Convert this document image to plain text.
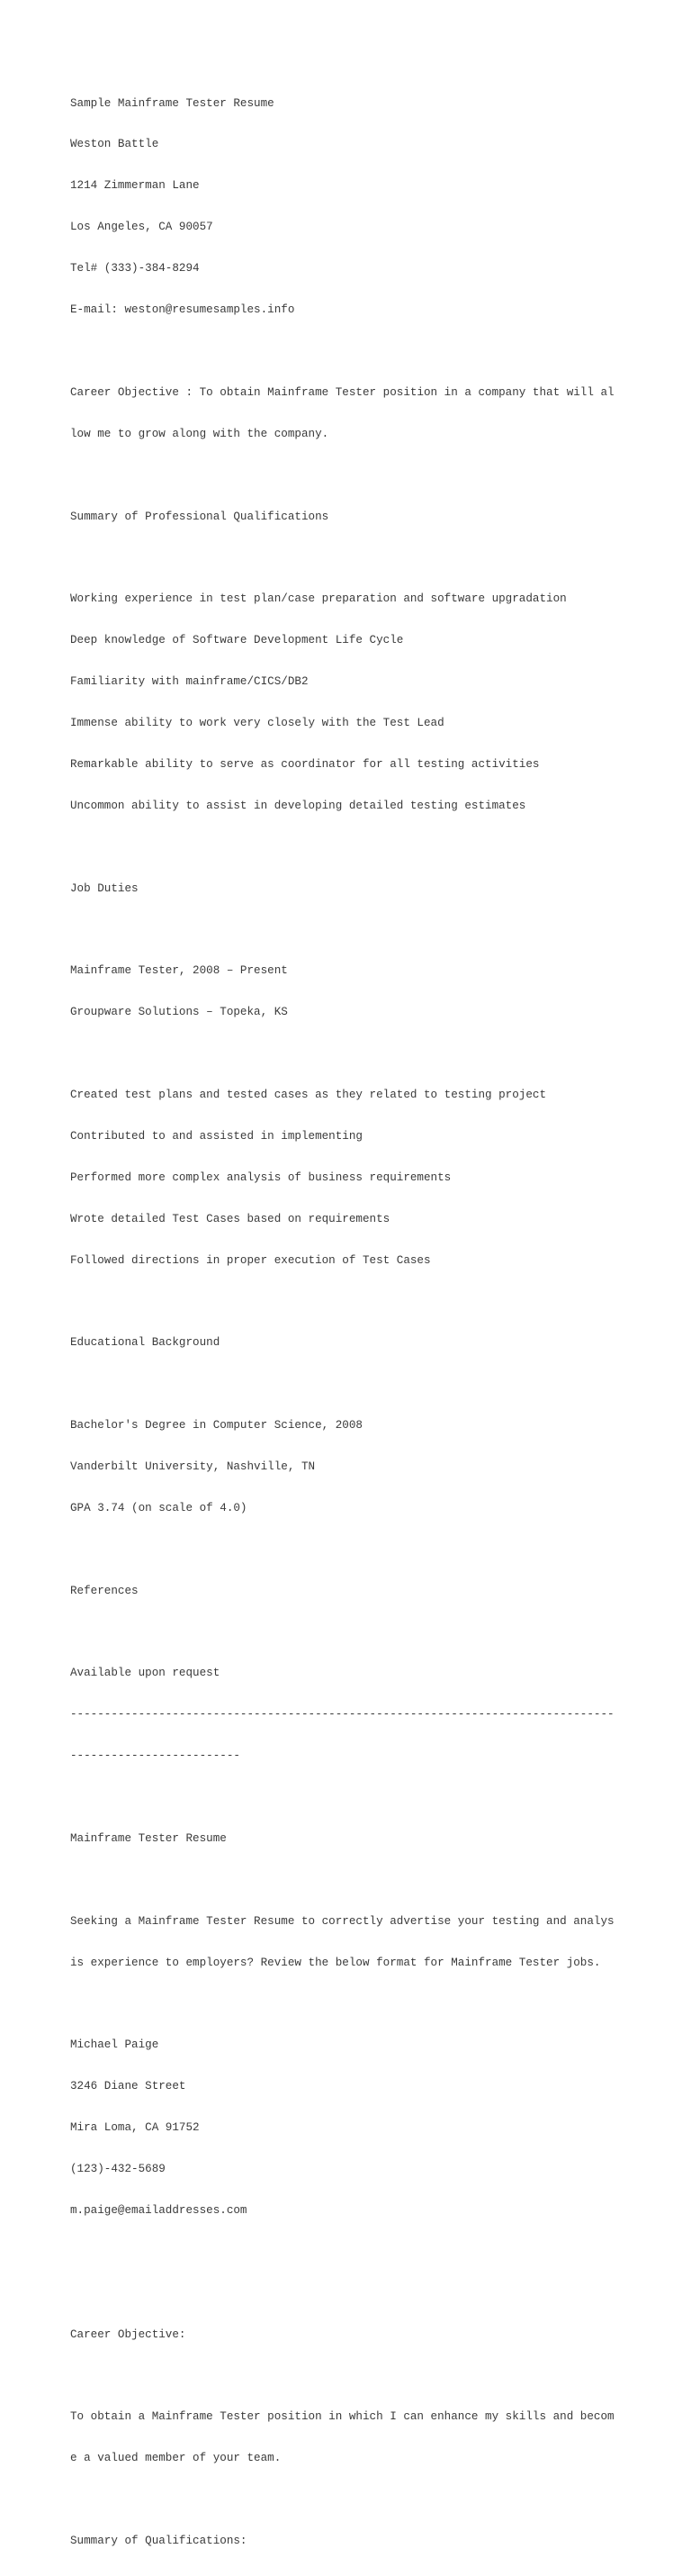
Sample Mainframe Tester Resume

Weston Battle

1214 Zimmerman Lane

Los Angeles, CA 90057

Tel# (333)-384-8294

E-mail: weston@resumesamples.info

Career Objective : To obtain Mainframe Tester position in a company that will al

low me to grow along with the company.

Summary of Professional Qualifications

Working experience in test plan/case preparation and software upgradation

Deep knowledge of Software Development Life Cycle

Familiarity with mainframe/CICS/DB2

Immense ability to work very closely with the Test Lead

Remarkable ability to serve as coordinator for all testing activities

Uncommon ability to assist in developing detailed testing estimates

Job Duties

Mainframe Tester, 2008 – Present

Groupware Solutions – Topeka, KS

Created test plans and tested cases as they related to testing project

Contributed to and assisted in implementing

Performed more complex analysis of business requirements

Wrote detailed Test Cases based on requirements

Followed directions in proper execution of Test Cases

Educational Background

Bachelor's Degree in Computer Science, 2008

Vanderbilt University, Nashville, TN

GPA 3.74 (on scale of 4.0)

References

Available upon request

--------------------------------------------------------------------------------

-------------------------

Mainframe Tester Resume

Seeking a Mainframe Tester Resume to correctly advertise your testing and analys

is experience to employers? Review the below format for Mainframe Tester jobs.

Michael Paige

3246 Diane Street

Mira Loma, CA 91752

(123)-432-5689

m.paige@emailaddresses.com

Career Objective:

To obtain a Mainframe Tester position in which I can enhance my skills and becom

e a valued member of your team.

Summary of Qualifications:
